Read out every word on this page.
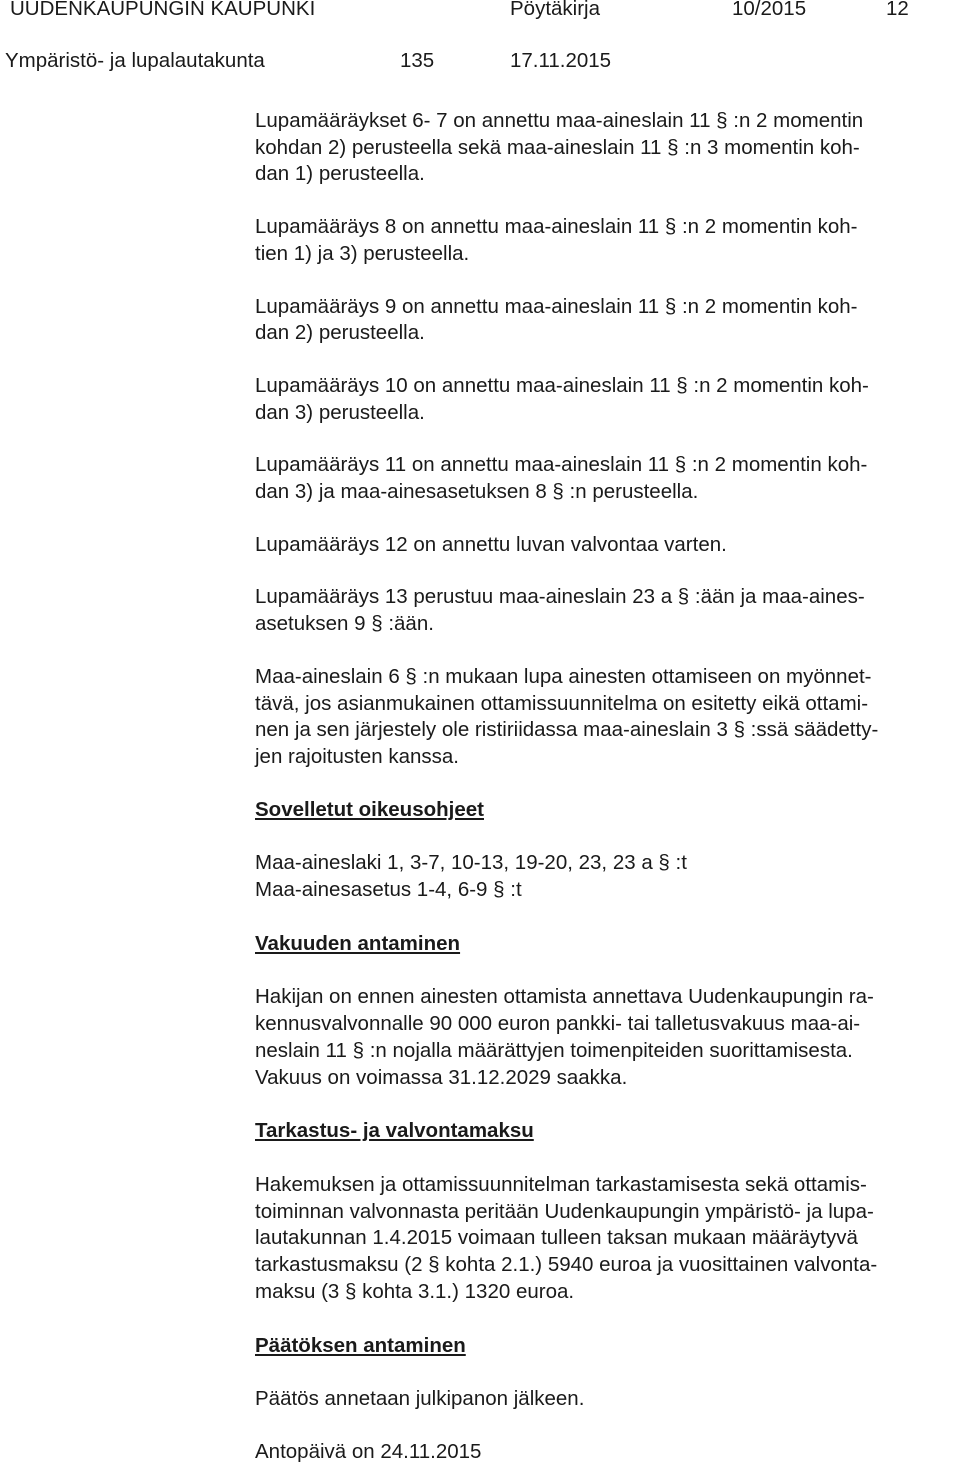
UUDENKAUPUNGIN KAUPUNKI	Pöytäkirja	10/2015	12
Ympäristö- ja lupalautakunta	135	17.11.2015
Lupamääräykset 6- 7 on annettu maa-aineslain 11 § :n 2 momentin
kohdan 2) perusteella sekä maa-aineslain 11 § :n 3 momentin koh-
dan 1) perusteella.
Lupamääräys 8 on annettu maa-aineslain 11 § :n 2 momentin koh-
tien 1) ja 3) perusteella.
Lupamääräys 9 on annettu maa-aineslain 11 § :n 2 momentin koh-
dan 2) perusteella.
Lupamääräys 10 on annettu maa-aineslain 11 § :n 2 momentin koh-
dan 3) perusteella.
Lupamääräys 11 on annettu maa-aineslain 11 § :n 2 momentin koh-
dan 3) ja maa-ainesasetuksen 8 § :n perusteella.
Lupamääräys 12 on annettu luvan valvontaa varten.
Lupamääräys 13 perustuu maa-aineslain 23 a § :ään ja maa-aines-
asetuksen 9 § :ään.
Maa-aineslain 6 § :n mukaan lupa ainesten ottamiseen on myönnet-
tävä, jos asianmukainen ottamissuunnitelma on esitetty eikä ottami-
nen ja sen järjestely ole ristiriidassa maa-aineslain 3 § :ssä säädetty-
jen rajoitusten kanssa.
Sovelletut oikeusohjeet
Maa-aineslaki 1, 3-7, 10-13, 19-20, 23, 23 a § :t
Maa-ainesasetus 1-4, 6-9 § :t
Vakuuden antaminen
Hakijan on ennen ainesten ottamista annettava Uudenkaupungin ra-
kennusvalvonnalle 90 000 euron pankki- tai talletusvakuus maa-ai-
neslain 11 § :n nojalla määrättyjen toimenpiteiden suorittamisesta.
Vakuus on voimassa 31.12.2029 saakka.
Tarkastus- ja valvontamaksu
Hakemuksen ja ottamissuunnitelman tarkastamisesta sekä ottamis-
toiminnan valvonnasta peritään Uudenkaupungin ympäristö- ja lupa-
lautakunnan 1.4.2015 voimaan tulleen taksan mukaan määräytyvä
tarkastusmaksu (2 § kohta 2.1.) 5940 euroa ja vuosittainen valvonta-
maksu (3 § kohta 3.1.) 1320 euroa.
Päätöksen antaminen
Päätös annetaan julkipanon jälkeen.
Antopäivä on 24.11.2015
